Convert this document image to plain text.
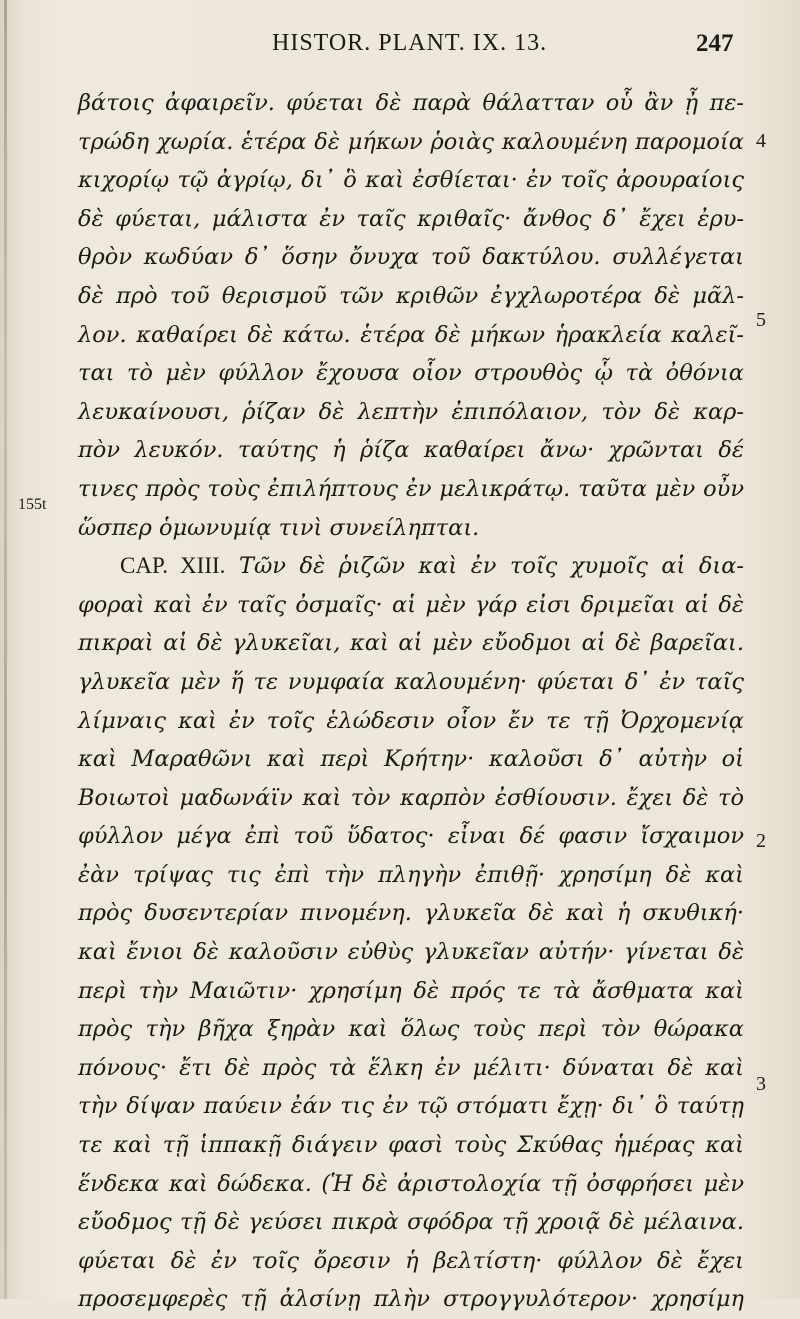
HISTOR. PLANT. IX. 13.	247
βάτοις ἀφαιρεῖν. φύεται δὲ παρὰ θάλατταν οὗ ἂν ᾖ πε-
τρώδη χωρία. ἑτέρα δὲ μήκων ῥοιὰς καλουμένη παρομοία
κιχορίῳ τῷ ἀγρίῳ, δι᾽ ὃ καὶ ἐσθίεται· ἐν τοῖς ἀρουραίοις
δὲ φύεται, μάλιστα ἐν ταῖς κριθαῖς· ἄνθος δ᾽ ἔχει ἐρυ-
θρὸν κωδύαν δ᾽ ὅσην ὄνυχα τοῦ δακτύλου. συλλέγεται
δὲ πρὸ τοῦ θερισμοῦ τῶν κριθῶν ἐγχλωροτέρα δὲ μᾶλ-
λον. καθαίρει δὲ κάτω. ἑτέρα δὲ μήκων ἡρακλεία καλεῖ-
ται τὸ μὲν φύλλον ἔχουσα οἷον στρουθὸς ᾧ τὰ ὀθόνια
λευκαίνουσι, ῥίζαν δὲ λεπτὴν ἐπιπόλαιον, τὸν δὲ καρ-
πὸν λευκόν. ταύτης ἡ ῥίζα καθαίρει ἄνω· χρῶνται δέ
τινες πρὸς τοὺς ἐπιλήπτους ἐν μελικράτῳ. ταῦτα μὲν οὖν
ὥσπερ ὁμωνυμίᾳ τινὶ συνείληπται.
CAP. XIII. Τῶν δὲ ῥιζῶν καὶ ἐν τοῖς χυμοῖς αἱ δια-
φοραὶ καὶ ἐν ταῖς ὀσμαῖς· αἱ μὲν γάρ εἰσι δριμεῖαι αἱ δὲ
πικραὶ αἱ δὲ γλυκεῖαι, καὶ αἱ μὲν εὔοδμοι αἱ δὲ βαρεῖαι.
γλυκεῖα μὲν ἥ τε νυμφαία καλουμένη· φύεται δ᾽ ἐν ταῖς
λίμναις καὶ ἐν τοῖς ἑλώδεσιν οἷον ἔν τε τῇ Ὀρχομενίᾳ
καὶ Μαραθῶνι καὶ περὶ Κρήτην· καλοῦσι δ᾽ αὐτὴν οἱ
Βοιωτοὶ μαδωνάϊν καὶ τὸν καρπὸν ἐσθίουσιν. ἔχει δὲ τὸ
φύλλον μέγα ἐπὶ τοῦ ὕδατος· εἶναι δέ φασιν ἴσχαιμον
ἐὰν τρίψας τις ἐπὶ τὴν πληγὴν ἐπιθῇ· χρησίμη δὲ καὶ
πρὸς δυσεντερίαν πινομένη. γλυκεῖα δὲ καὶ ἡ σκυθική·
καὶ ἔνιοι δὲ καλοῦσιν εὐθὺς γλυκεῖαν αὐτήν· γίνεται δὲ
περὶ τὴν Μαιῶτιν· χρησίμη δὲ πρός τε τὰ ἄσθματα καὶ
πρὸς τὴν βῆχα ξηρὰν καὶ ὅλως τοὺς περὶ τὸν θώρακα
πόνους· ἔτι δὲ πρὸς τὰ ἕλκη ἐν μέλιτι· δύναται δὲ καὶ
τὴν δίψαν παύειν ἐάν τις ἐν τῷ στόματι ἔχῃ· δι᾽ ὃ ταύτῃ
τε καὶ τῇ ἱππακῇ διάγειν φασὶ τοὺς Σκύθας ἡμέρας καὶ
ἕνδεκα καὶ δώδεκα. (Ἡ δὲ ἀριστολοχία τῇ ὀσφρήσει μὲν
εὔοδμος τῇ δὲ γεύσει πικρὰ σφόδρα τῇ χροιᾷ δὲ μέλαινα.
φύεται δὲ ἐν τοῖς ὄρεσιν ἡ βελτίστη· φύλλον δὲ ἔχει
προσεμφερὲς τῇ ἀλσίνῃ πλὴν στρογγυλότερον· χρησίμη
4
5
155t
2
3
